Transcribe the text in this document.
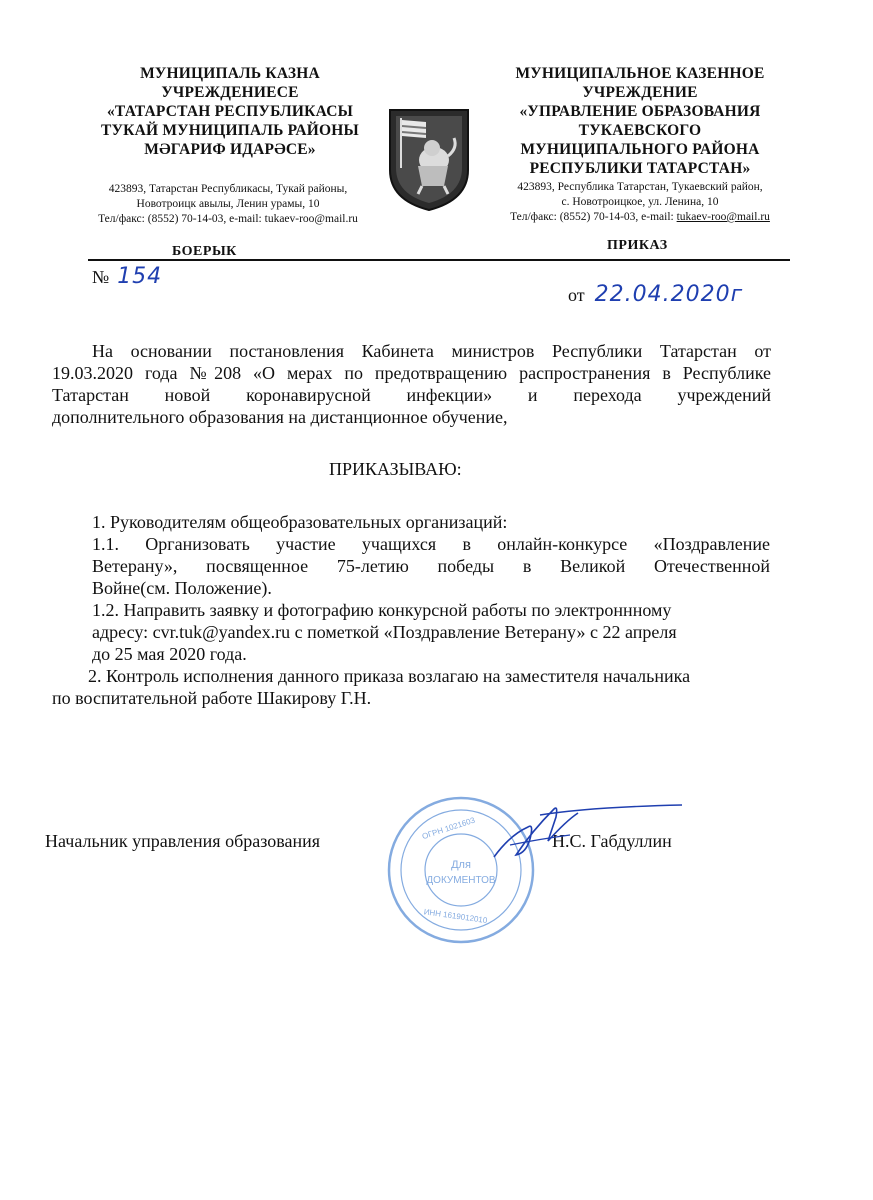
МУНИЦИПАЛЬ КАЗНА
УЧРЕЖДЕНИЕСЕ
«ТАТАРСТАН РЕСПУБЛИКАСЫ
ТУКАЙ МУНИЦИПАЛЬ РАЙОНЫ
МӘГАРИФ ИДАРӘСЕ»
423893, Татарстан Республикасы, Тукай районы,
Новотроицк авылы, Ленин урамы, 10
Тел/факс: (8552) 70-14-03, e-mail: tukaev-roo@mail.ru
МУНИЦИПАЛЬНОЕ КАЗЕННОЕ
УЧРЕЖДЕНИЕ
«УПРАВЛЕНИЕ ОБРАЗОВАНИЯ
ТУКАЕВСКОГО
МУНИЦИПАЛЬНОГО РАЙОНА
РЕСПУБЛИКИ ТАТАРСТАН»
423893, Республика Татарстан, Тукаевский район,
с. Новотроицкое, ул. Ленина, 10
Тел/факс: (8552) 70-14-03, e-mail: tukaev-roo@mail.ru
БОЕРЫК	ПРИКАЗ
№ 154
от 22.04.2020г
На основании постановления Кабинета министров Республики Татарстан от
19.03.2020 года №208 «О мерах по предотвращению распространения в Республике
Татарстан новой коронавирусной инфекции» и перехода учреждений
дополнительного образования на дистанционное обучение,
ПРИКАЗЫВАЮ:
1. Руководителям общеобразовательных организаций:
1.1. Организовать участие учащихся в онлайн-конкурсе «Поздравление
Ветерану», посвященное 75-летию победы в Великой Отечественной
Войне(см. Положение).
1.2. Направить заявку и фотографию конкурсной работы по электроннному
адресу: cvr.tuk@yandex.ru с пометкой «Поздравление Ветерану» с 22 апреля
до 25 мая 2020 года.
2. Контроль исполнения данного приказа возлагаю на заместителя начальника
по воспитательной работе Шакирову Г.Н.
Начальник управления образования	Н.С. Габдуллин
Для
ДОКУМЕНТОВ
ОГРН 1021603
ИНН 1619012010
